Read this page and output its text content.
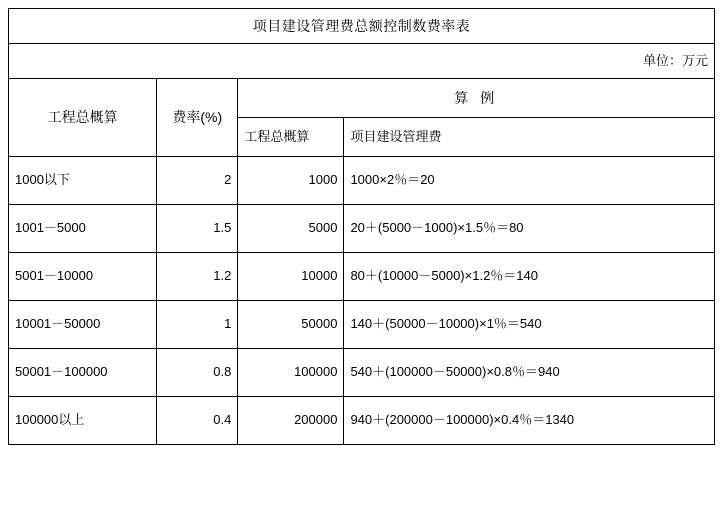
项目建设管理费总额控制数费率表			
单位：万元			
工程总概算	费率(%)	算 例	
		工程总概算	项目建设管理费
1000以下	2	1000	1000×2％＝20
1001－5000	1.5	5000	20＋(5000－1000)×1.5％＝80
5001－10000	1.2	10000	80＋(10000－5000)×1.2％＝140
10001－50000	1	50000	140＋(50000－10000)×1％＝540
50001－100000	0.8	100000	540＋(100000－50000)×0.8％＝940
100000以上	0.4	200000	940＋(200000－100000)×0.4％＝1340
